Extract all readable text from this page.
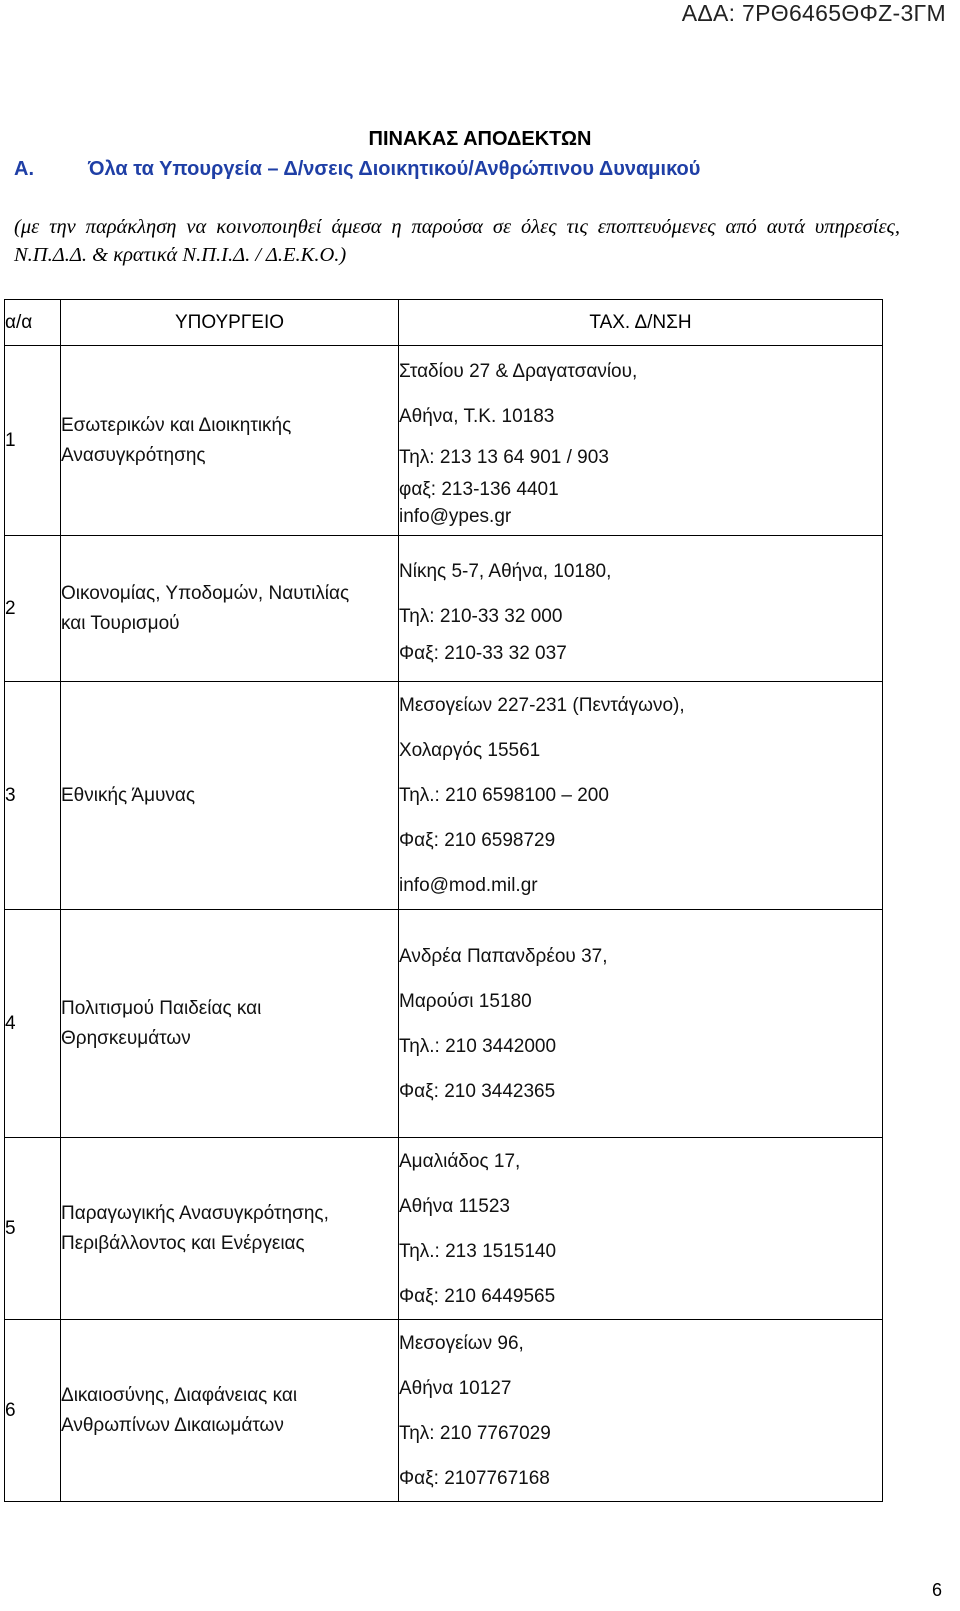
ΑΔΑ: 7ΡΘ6465ΘΦΖ-3ΓΜ
ΠΙΝΑΚΑΣ ΑΠΟΔΕΚΤΩΝ
Α.	Όλα τα Υπουργεία – Δ/νσεις Διοικητικού/Ανθρώπινου Δυναμικού
(με την παράκληση να κοινοποιηθεί άμεσα η παρούσα σε όλες τις εποπτευόμενες από αυτά υπηρεσίες, Ν.Π.Δ.Δ. & κρατικά Ν.Π.Ι.Δ. / Δ.Ε.Κ.Ο.)
α/α	ΥΠΟΥΡΓΕΙΟ	ΤΑΧ. Δ/ΝΣΗ
1	Εσωτερικών και Διοικητικής
Ανασυγκρότησης	Σταδίου 27 & Δραγατσανίου,
Αθήνα, Τ.Κ. 10183
Τηλ: 213 13 64 901 / 903
φαξ: 213-136 4401
info@ypes.gr

2	Οικονομίας, Υποδομών, Ναυτιλίας
και Τουρισμού	Νίκης 5-7, Αθήνα, 10180,
Τηλ: 210-33 32 000
Φαξ: 210-33 32 037

3	Εθνικής Άμυνας	Μεσογείων 227-231 (Πεντάγωνο),
Χολαργός 15561
Τηλ.: 210 6598100 – 200
Φαξ: 210 6598729
info@mod.mil.gr

4	Πολιτισμού Παιδείας και
Θρησκευμάτων	Ανδρέα Παπανδρέου 37,
Μαρούσι 15180
Τηλ.: 210 3442000
Φαξ: 210 3442365

5	Παραγωγικής Ανασυγκρότησης,
Περιβάλλοντος και Ενέργειας	Αμαλιάδος 17,
Αθήνα 11523
Τηλ.: 213 1515140
Φαξ: 210 6449565

6	Δικαιοσύνης, Διαφάνειας και
Ανθρωπίνων Δικαιωμάτων	Μεσογείων 96,
Αθήνα 10127
Τηλ: 210 7767029
Φαξ: 2107767168
6
